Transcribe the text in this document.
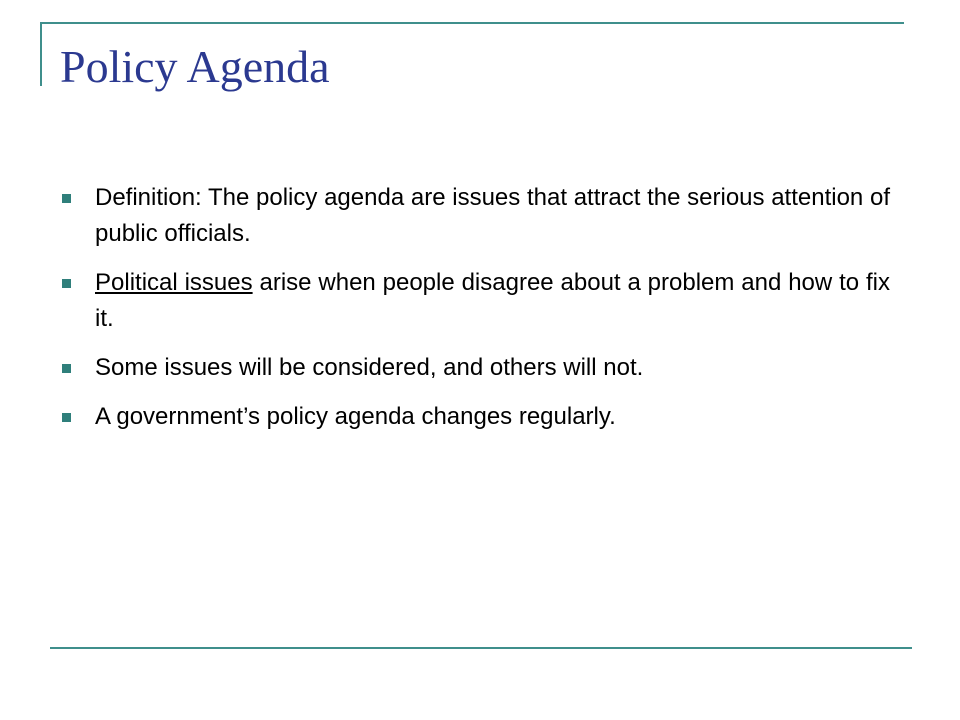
Policy Agenda
Definition: The policy agenda are issues that attract the serious attention of public officials.
Political issues arise when people disagree about a problem and how to fix it.
Some issues will be considered, and others will not.
A government’s policy agenda changes regularly.
